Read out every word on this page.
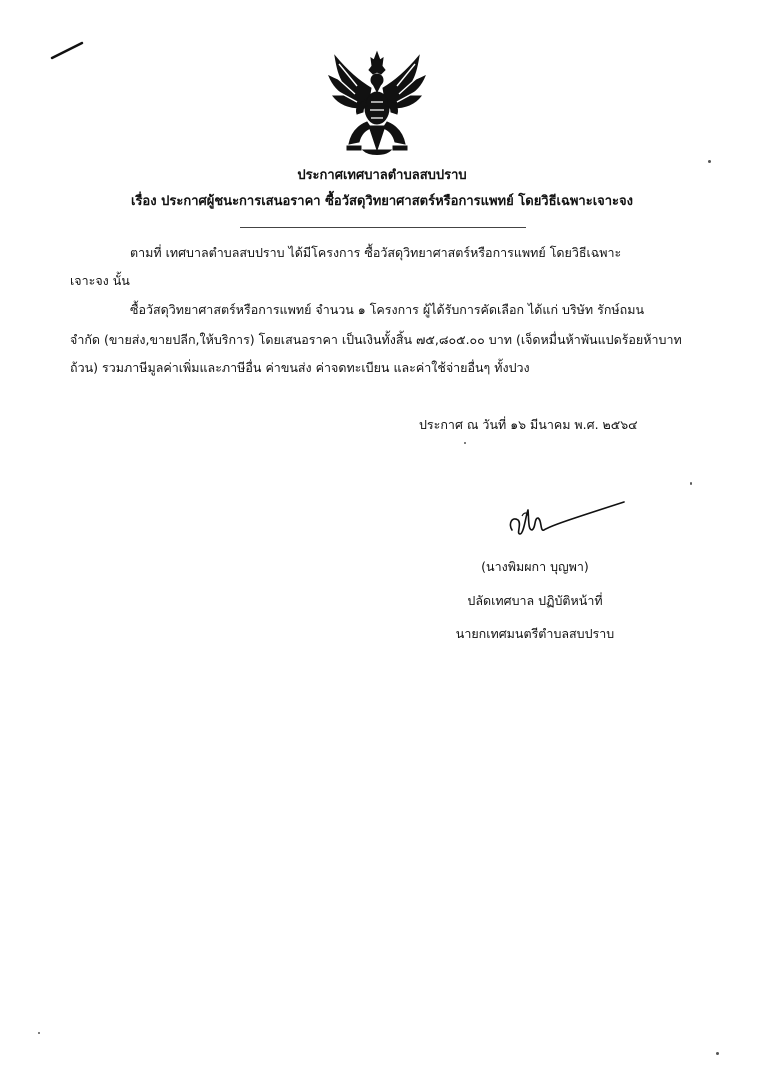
ประกาศเทศบาลตำบลสบปราบ
เรื่อง ประกาศผู้ชนะการเสนอราคา ซื้อวัสดุวิทยาศาสตร์หรือการแพทย์ โดยวิธีเฉพาะเจาะจง
ตามที่ เทศบาลตำบลสบปราบ ได้มีโครงการ ซื้อวัสดุวิทยาศาสตร์หรือการแพทย์ โดยวิธีเฉพาะ
เจาะจง นั้น
ซื้อวัสดุวิทยาศาสตร์หรือการแพทย์ จำนวน ๑ โครงการ ผู้ได้รับการคัดเลือก ได้แก่ บริษัท รักษ์ถมน
จำกัด (ขายส่ง,ขายปลีก,ให้บริการ) โดยเสนอราคา เป็นเงินทั้งสิ้น ๗๕,๘๐๕.๐๐ บาท (เจ็ดหมื่นห้าพันแปดร้อยห้าบาท
ถ้วน) รวมภาษีมูลค่าเพิ่มและภาษีอื่น ค่าขนส่ง ค่าจดทะเบียน และค่าใช้จ่ายอื่นๆ ทั้งปวง
ประกาศ ณ วันที่ ๑๖ มีนาคม พ.ศ. ๒๕๖๔
(นางพิมผกา บุญพา)
ปลัดเทศบาล ปฏิบัติหน้าที่
นายกเทศมนตรีตำบลสบปราบ
